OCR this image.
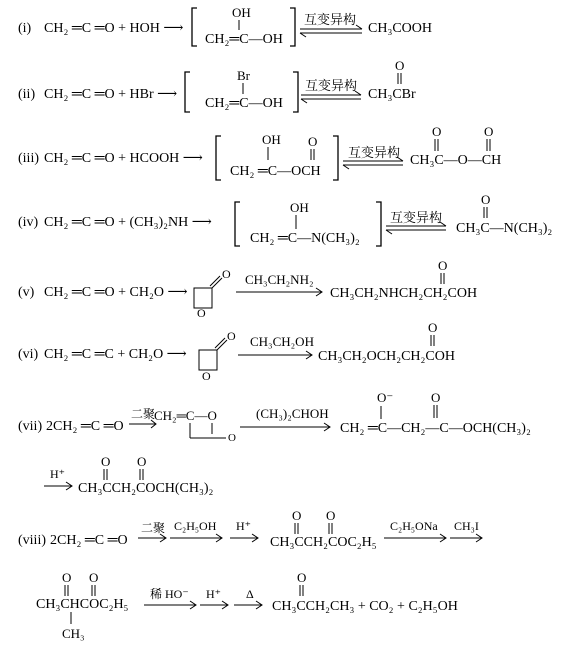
(i) CH₂ ═C ═O + HOH ⟶
OH
CH₂═C—OH
互变异构
CH₃COOH
(ii) CH₂ ═C ═O + HBr ⟶
Br
CH₂═C—OH
互变异构
O
CH₃CBr
(iii) CH₂ ═C ═O + HCOOH ⟶
OH O
CH₂ ═C—OCH
互变异构
O	O
CH₃C—O—CH
(iv) CH₂ ═C ═O + (CH₃)₂NH ⟶
OH
CH₂ ═C—N(CH₃)₂
互变异构
O
CH₃C—N(CH₃)₂
(v) CH₂ ═C ═O + CH₂O ⟶
O
O
CH₃CH₂NH₂
O
CH₃CH₂NHCH₂CH₂COH
(vi) CH₂ ═C ═C + CH₂O ⟶
O
O
CH₃CH₂OH
O
CH₃CH₂OCH₂CH₂COH
(vii) 2CH₂ ═C ═O
二聚
CH₂═C—O
O
(CH₃)₂CHOH
O⁻	O
CH₂ ═C—CH₂—C—OCH(CH₃)₂
H⁺
O O
CH₃CCH₂COCH(CH₃)₂
(viii) 2CH₂ ═C ═O
二聚 C₂H₅OH H⁺
O O
CH₃CCH₂COC₂H₅
C₂H₅ONa CH₃I
O O
CH₃CHCOC₂H₅
CH₃
稀 HO⁻ H⁺ Δ
O
CH₃CCH₂CH₃ + CO₂ + C₂H₅OH
